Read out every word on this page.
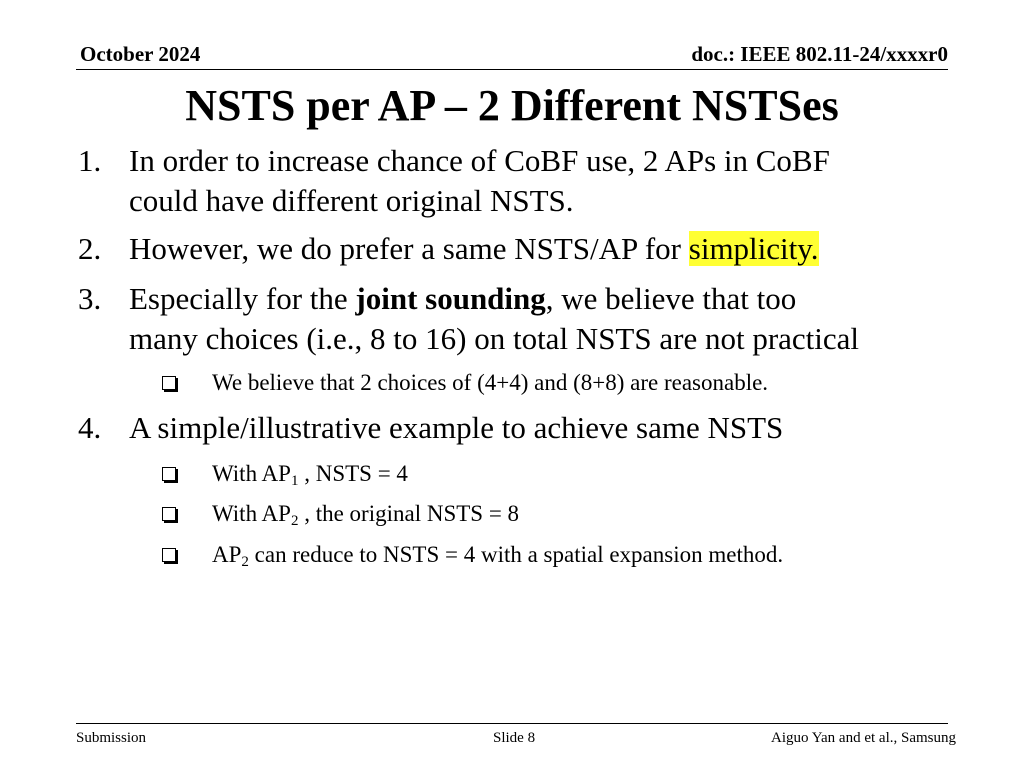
October 2024	doc.: IEEE 802.11-24/xxxxr0
NSTS per AP – 2 Different NSTSes
1. In order to increase chance of CoBF use, 2 APs in CoBF
could have different original NSTS.
2. However, we do prefer a same NSTS/AP for simplicity.
3. Especially for the joint sounding, we believe that too
many choices (i.e., 8 to 16) on total NSTS are not practical
We believe that 2 choices of (4+4) and (8+8) are reasonable.
4. A simple/illustrative example to achieve same NSTS
With $AP_1$ , NSTS = 4
With $AP_2$ , the original NSTS = 8
$AP_2$ can reduce to NSTS = 4 with a spatial expansion method.
Submission	Slide 8	Aiguo Yan and et al., Samsung
